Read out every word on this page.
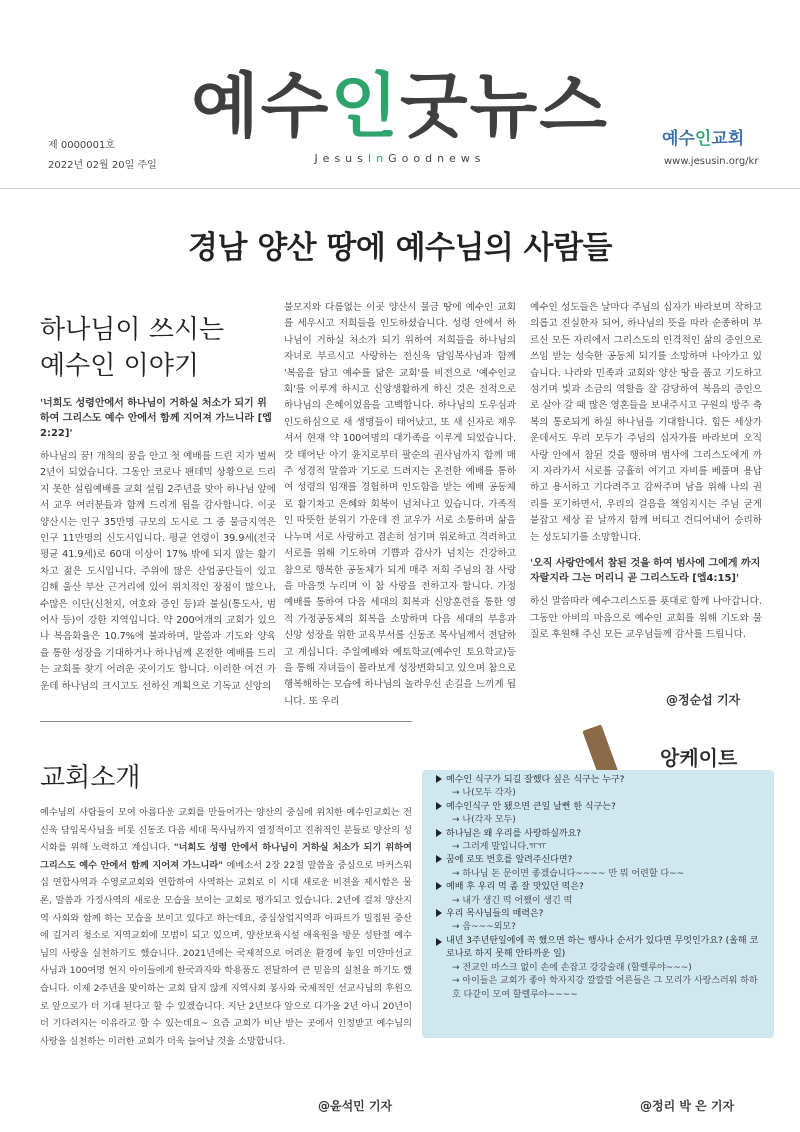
제 0000001호
2022년 02월 20일 주일
예수인굿뉴스
JesusInGoodnews
예수인교회
www.jesusin.org/kr
경남 양산 땅에 예수님의 사람들
하나님이 쓰시는
예수인 이야기
'너희도 성령안에서 하나님이 거하실 처소가 되기 위하여 그리스도 예수 안에서 함께 지어져 가느니라 [엡2:22]'
하나님의 꿈! 개척의 꿈을 안고 첫 예배를 드린 지가 벌써 2년이 되었습니다. 그동안 코로나 팬데믹 상황으로 드리지 못한 설립예배를 교회 설립 2주년을 맞아 하나님 앞에서 교우 여러분들과 함께 드리게 됨을 감사합니다. 이곳 양산시는 인구 35만명 규모의 도시로 그 중 물금지역은 인구 11만명의 신도시입니다. 평균 연령이 39.9세(전국평균 41.9세)로 60대 이상이 17% 밖에 되지 않는 활기차고 젊은 도시입니다. 주위에 많은 산업공단들이 있고 김해 울산 부산 근거리에 있어 위치적인 장점이 많으나, 수많은 이단(신천지, 여호와 증인 등)과 불심(통도사, 범어사 등)이 강한 지역입니다. 약 200여개의 교회가 있으나 복음화율은 10.7%에 불과하며, 말씀과 기도와 양육을 통한 성장을 기대하거나 하나님께 온전한 예배를 드리는 교회를 찾기 어려운 곳이기도 합니다. 이러한 여건 가운데 하나님의 크시고도 선하신 계획으로 기독교 신앙의
불모지와 다름없는 이곳 양산시 물금 땅에 예수인 교회를 세우시고 저희들을 인도하셨습니다. 성령 안에서 하나님이 거하실 처소가 되기 위하여 저희들을 하나님의 자녀로 부르시고 사랑하는 전신욱 담임목사님과 함께 '복음을 담고 예수를 닮은 교회'를 비전으로 '예수인교회'를 이루게 하시고 신앙생활하게 하신 것은 전적으로 하나님의 은혜이었음을 고백합니다. 하나님의 도우심과 인도하심으로 새 생명들이 태어났고, 또 새 신자로 채우셔서 현재 약 100여명의 대가족을 이루게 되었습니다. 갓 태어난 아기 윤지로부터 팔순의 권사님까지 함께 매주 성경적 말씀과 기도로 드려지는 온전한 예배를 통하여 성령의 임재를 경험하며 인도함을 받는 예배 공동체로 활기차고 은혜와 회복이 넘쳐나고 있습니다. 가족적인 따뜻한 분위기 가운데 전 교우가 서로 소통하며 삶을 나누며 서로 사랑하고 겸손히 섬기며 위로하고 격려하고 서로를 위해 기도하며 기쁨과 감사가 넘치는 건강하고 참으로 행복한 공동체가 되게 매주 저희 주님의 참 사랑을 마음껏 누리며 이 참 사랑을 전하고자 합니다. 가정 예배를 통하여 다음 세대의 회복과 신앙훈련을 통한 영적 가정공동체의 회복을 소망하며 다음 세대의 부흥과 신앙 성장을 위한 교육부서를 신동조 목사님께서 전담하고 계십니다. 주일예배와 예토학교(예수인 토요학교)등을 통해 자녀들이 몰라보게 성장변화되고 있으며 참으로 행복해하는 모습에 하나님의 놀라우신 손길을 느끼게 됩니다. 또 우리
예수인 성도들은 날마다 주님의 십자가 바라보며 작하고 의롭고 진실한자 되어, 하나님의 뜻을 따라 순종하며 부르신 모든 자리에서 그리스도의 인격적인 삶의 증인으로 쓰임 받는 성숙한 공동체 되기를 소망하며 나아가고 있습니다. 나라와 민족과 교회와 양산 땅을 품고 기도하고 섬기며 빛과 소금의 역할을 잘 감당하여 복음의 증인으로 살아 갈 때 많은 영혼들을 보내주시고 구원의 방주 축복의 통로되게 하실 하나님을 기대합니다. 힘든 세상가운데서도 우리 모두가 주님의 십자가를 바라보며 오직 사랑 안에서 참된 것을 행하며 범사에 그리스도에게 까지 자라가서 서로를 긍휼히 여기고 자비를 베풀며 용납하고 용서하고 기다려주고 감싸주며 남을 위해 나의 권리를 포기하면서, 우리의 걸음을 책임지시는 주님 굳게 붙잡고 세상 끝 날까지 함께 버티고 견디어내어 승리하는 성도되기를 소망합니다.
'오직 사랑안에서 참된 것을 하여 범사에 그에게 까지 자랄지라 그는 머리니 곧 그리스도라 [엡4:15]'
하신 말씀따라 예수그리스도를 푯대로 함께 나아갑니다. 그동안 아비의 마음으로 예수인 교회를 위해 기도와 물질로 후원해 주신 모든 교우님들께 감사를 드립니다.
@정순섭 기자
교회소개
예수님의 사람들이 모여 아름다운 교회를 만들어가는 양산의 중심에 위치한 예수인교회는 전신욱 담임목사님을 비롯 신동조 다음 세대 목사님까지 열정적이고 진취적인 분들로 양산의 성시화를 위해 노력하고 계십니다. "너희도 성령 안에서 하나님이 거하실 처소가 되기 위하여 그리스도 예수 안에서 함께 지어져 가느니라" 에베소서 2장 22절 말씀을 중심으로 마커스워십 연합사역과 수영로교회와 연합하여 사역하는 교회로 이 시대 새로운 비젼을 제시함은 물론, 말씀과 가정사역의 새로운 모습을 보이는 교회로 평가되고 있습니다. 2년에 걸쳐 양산지역 사회와 함께 하는 모습을 보이고 있다고 하는데요, 중심상업지역과 아파트가 밀집된 중산에 길거리 청소로 지역교회에 모범이 되고 있으며, 양산보육시설 애육원을 방문 성탄절 예수님의 사랑을 실천하기도 했습니다. 2021년에는 국제적으로 어려운 환경에 놓인 미얀마선교사님과 100여명 현지 아이들에게 한국과자와 학용품도 전달하여 큰 믿음의 실천을 하기도 했습니다. 이제 2주년을 맞이하는 교회 답지 않게 지역사회 봉사와 국제적인 선교사님의 후원으로 앞으로가 더 기대 된다고 할 수 있겠습니다. 지난 2년보다 앞으로 다가올 2년 아니 20년이 더 기다려지는 이유라고 할 수 있는데요~ 요즘 교회가 비난 받는 곳에서 인정받고 예수님의 사랑을 실천하는 이러한 교회가 더욱 늘어날 것을 소망합니다.
@윤석민 기자
앙케이트
예수인 식구가 되길 잘했다 싶은 식구는 누구?
→ 나(모두 각자)
예수인식구 안 됐으면 큰일 날뻔 한 식구는?
→ 나(각자 모두)
하나님은 왜 우리를 사랑하실까요?
→ 그러게 말입니다.ㅠㅠ
꿈에 로또 번호를 알려주신다면?
→ 하나님 돈 문이면 좋겠습니다~~~~ 만 뭐 어련할 다~~
예배 후 우리 먹 좀 잘 맛있던 떡은?
→ 내가 생긴 떡 어쨌이 생긴 떡
우리 목사님들의 매력은?
→ 음~~~외모?
내년 3주년탄일에에 꼭 했으면 하는 행사나 순서가 있다면 무엇인가요? (올해 코로나로 하지 못해 안타까운 일)
→ 전교인 마스크 없이 손에 손잡고 강강술래 (할렐루야~~~)
→ 아이들은 교회가 좋아 학자지강 깔깔깔 어른들은 그 모리가 사랑스러워 하하호 다같이 모여 할렐루야~~~~
@정리 박 은 기자
